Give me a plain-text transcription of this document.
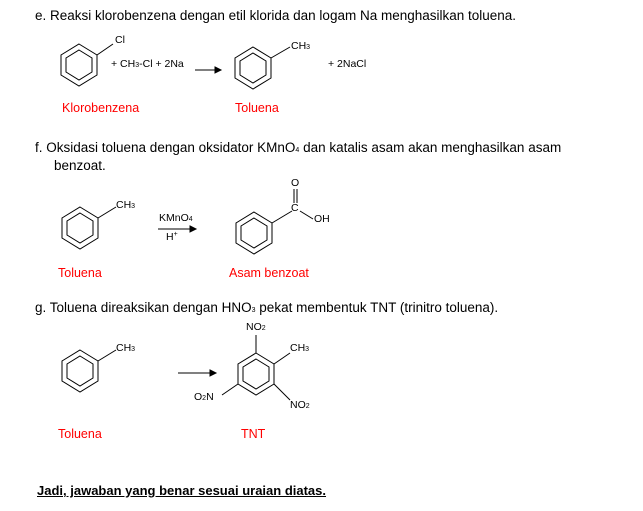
e. Reaksi klorobenzena dengan etil klorida dan logam Na menghasilkan toluena.
Cl
+ CH3-Cl + 2Na
CH3
+ 2NaCl
Klorobenzena	Toluena
f. Oksidasi toluena dengan oksidator KMnO4 dan katalis asam akan menghasilkan asam
benzoat.
CH3
KMnO4
H+
O
C
OH
Toluena	Asam benzoat
g. Toluena direaksikan dengan HNO3 pekat membentuk TNT (trinitro toluena).
CH3
NO2
CH3
O2N
NO2
Toluena	TNT
Jadi, jawaban yang benar sesuai uraian diatas.
